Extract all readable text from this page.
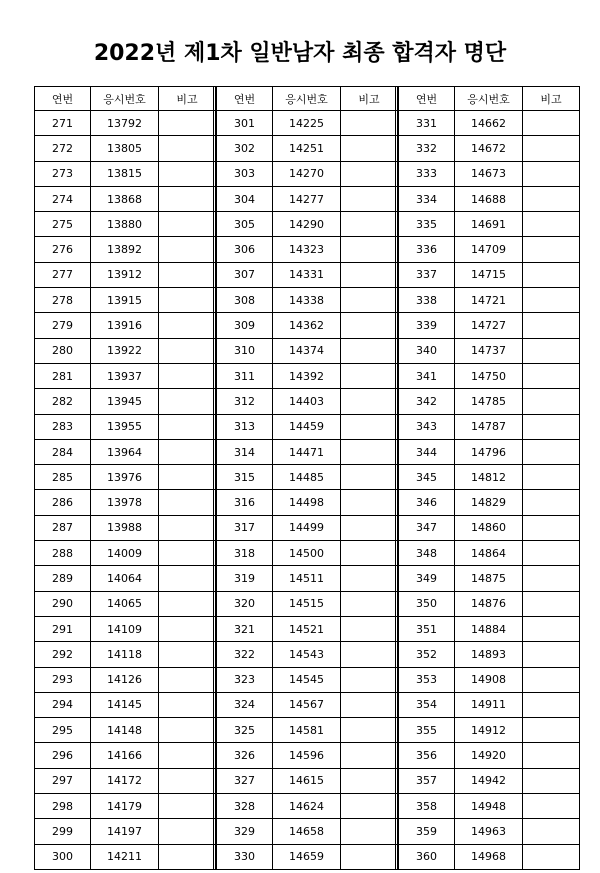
2022년 제1차 일반남자 최종 합격자 명단
연번	응시번호	비고
271	13792	
272	13805	
273	13815	
274	13868	
275	13880	
276	13892	
277	13912	
278	13915	
279	13916	
280	13922	
281	13937	
282	13945	
283	13955	
284	13964	
285	13976	
286	13978	
287	13988	
288	14009	
289	14064	
290	14065	
291	14109	
292	14118	
293	14126	
294	14145	
295	14148	
296	14166	
297	14172	
298	14179	
299	14197	
300	14211	
연번	응시번호	비고
301	14225	
302	14251	
303	14270	
304	14277	
305	14290	
306	14323	
307	14331	
308	14338	
309	14362	
310	14374	
311	14392	
312	14403	
313	14459	
314	14471	
315	14485	
316	14498	
317	14499	
318	14500	
319	14511	
320	14515	
321	14521	
322	14543	
323	14545	
324	14567	
325	14581	
326	14596	
327	14615	
328	14624	
329	14658	
330	14659	
연번	응시번호	비고
331	14662	
332	14672	
333	14673	
334	14688	
335	14691	
336	14709	
337	14715	
338	14721	
339	14727	
340	14737	
341	14750	
342	14785	
343	14787	
344	14796	
345	14812	
346	14829	
347	14860	
348	14864	
349	14875	
350	14876	
351	14884	
352	14893	
353	14908	
354	14911	
355	14912	
356	14920	
357	14942	
358	14948	
359	14963	
360	14968	
